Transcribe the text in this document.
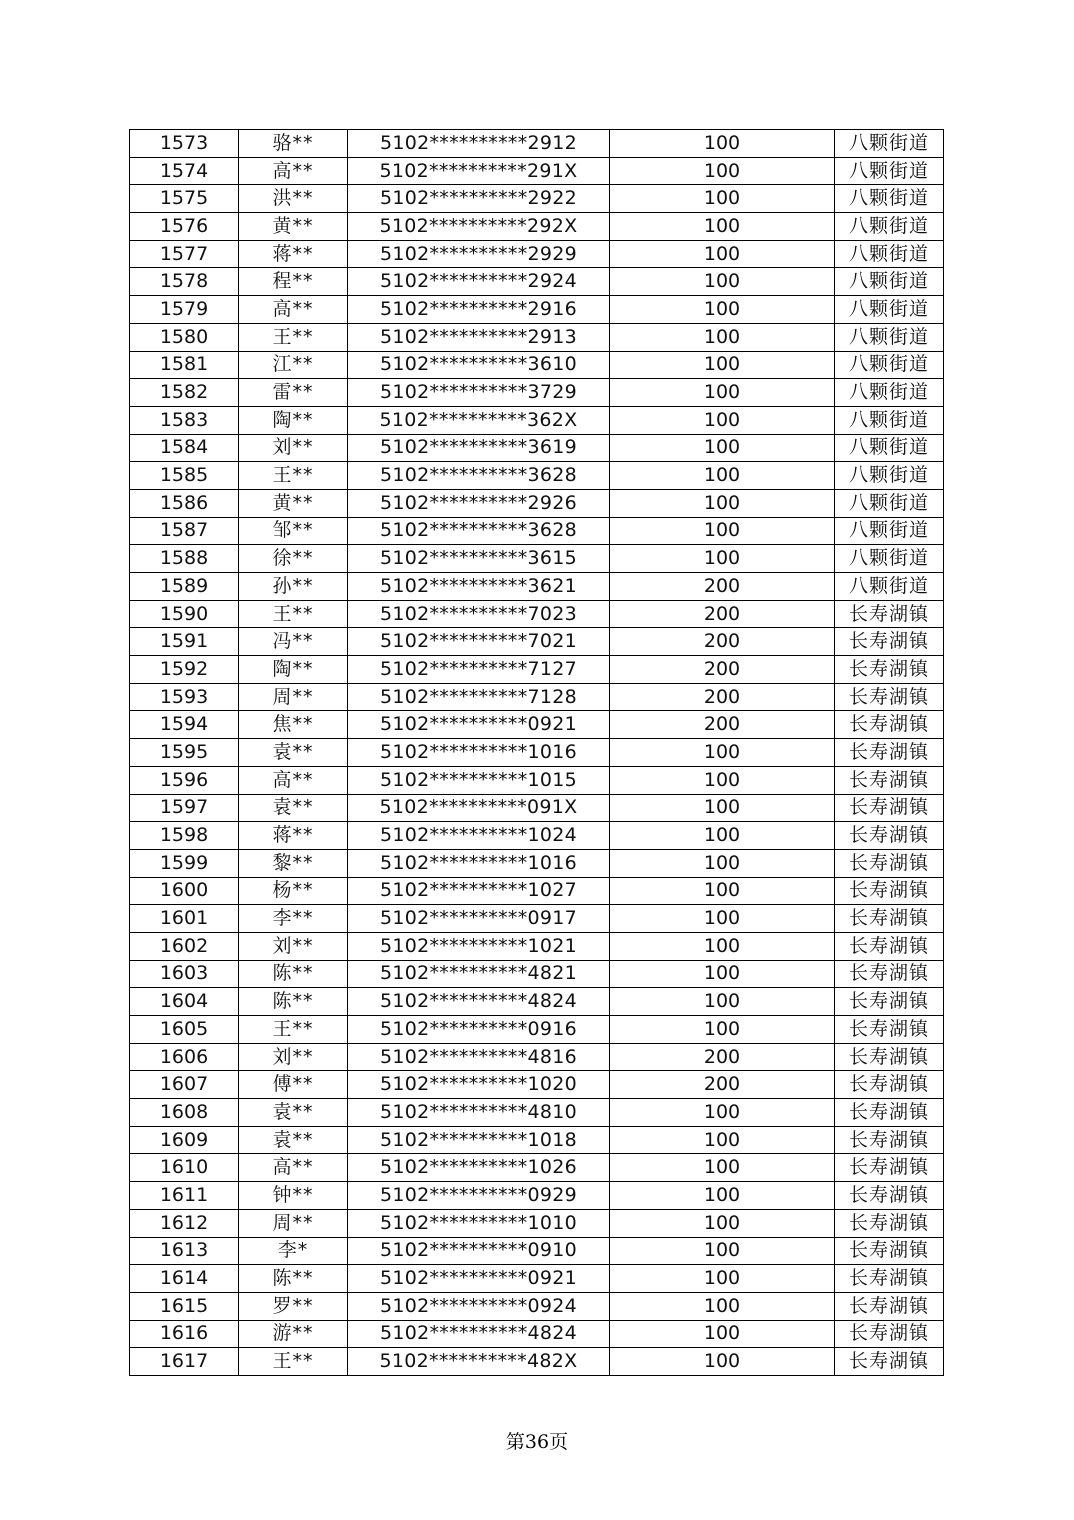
1573	骆**	5102**********2912	100	八颗街道
1574	高**	5102**********291X	100	八颗街道
1575	洪**	5102**********2922	100	八颗街道
1576	黄**	5102**********292X	100	八颗街道
1577	蒋**	5102**********2929	100	八颗街道
1578	程**	5102**********2924	100	八颗街道
1579	高**	5102**********2916	100	八颗街道
1580	王**	5102**********2913	100	八颗街道
1581	江**	5102**********3610	100	八颗街道
1582	雷**	5102**********3729	100	八颗街道
1583	陶**	5102**********362X	100	八颗街道
1584	刘**	5102**********3619	100	八颗街道
1585	王**	5102**********3628	100	八颗街道
1586	黄**	5102**********2926	100	八颗街道
1587	邹**	5102**********3628	100	八颗街道
1588	徐**	5102**********3615	100	八颗街道
1589	孙**	5102**********3621	200	八颗街道
1590	王**	5102**********7023	200	长寿湖镇
1591	冯**	5102**********7021	200	长寿湖镇
1592	陶**	5102**********7127	200	长寿湖镇
1593	周**	5102**********7128	200	长寿湖镇
1594	焦**	5102**********0921	200	长寿湖镇
1595	袁**	5102**********1016	100	长寿湖镇
1596	高**	5102**********1015	100	长寿湖镇
1597	袁**	5102**********091X	100	长寿湖镇
1598	蒋**	5102**********1024	100	长寿湖镇
1599	黎**	5102**********1016	100	长寿湖镇
1600	杨**	5102**********1027	100	长寿湖镇
1601	李**	5102**********0917	100	长寿湖镇
1602	刘**	5102**********1021	100	长寿湖镇
1603	陈**	5102**********4821	100	长寿湖镇
1604	陈**	5102**********4824	100	长寿湖镇
1605	王**	5102**********0916	100	长寿湖镇
1606	刘**	5102**********4816	200	长寿湖镇
1607	傅**	5102**********1020	200	长寿湖镇
1608	袁**	5102**********4810	100	长寿湖镇
1609	袁**	5102**********1018	100	长寿湖镇
1610	高**	5102**********1026	100	长寿湖镇
1611	钟**	5102**********0929	100	长寿湖镇
1612	周**	5102**********1010	100	长寿湖镇
1613	李*	5102**********0910	100	长寿湖镇
1614	陈**	5102**********0921	100	长寿湖镇
1615	罗**	5102**********0924	100	长寿湖镇
1616	游**	5102**********4824	100	长寿湖镇
1617	王**	5102**********482X	100	长寿湖镇
第36页
